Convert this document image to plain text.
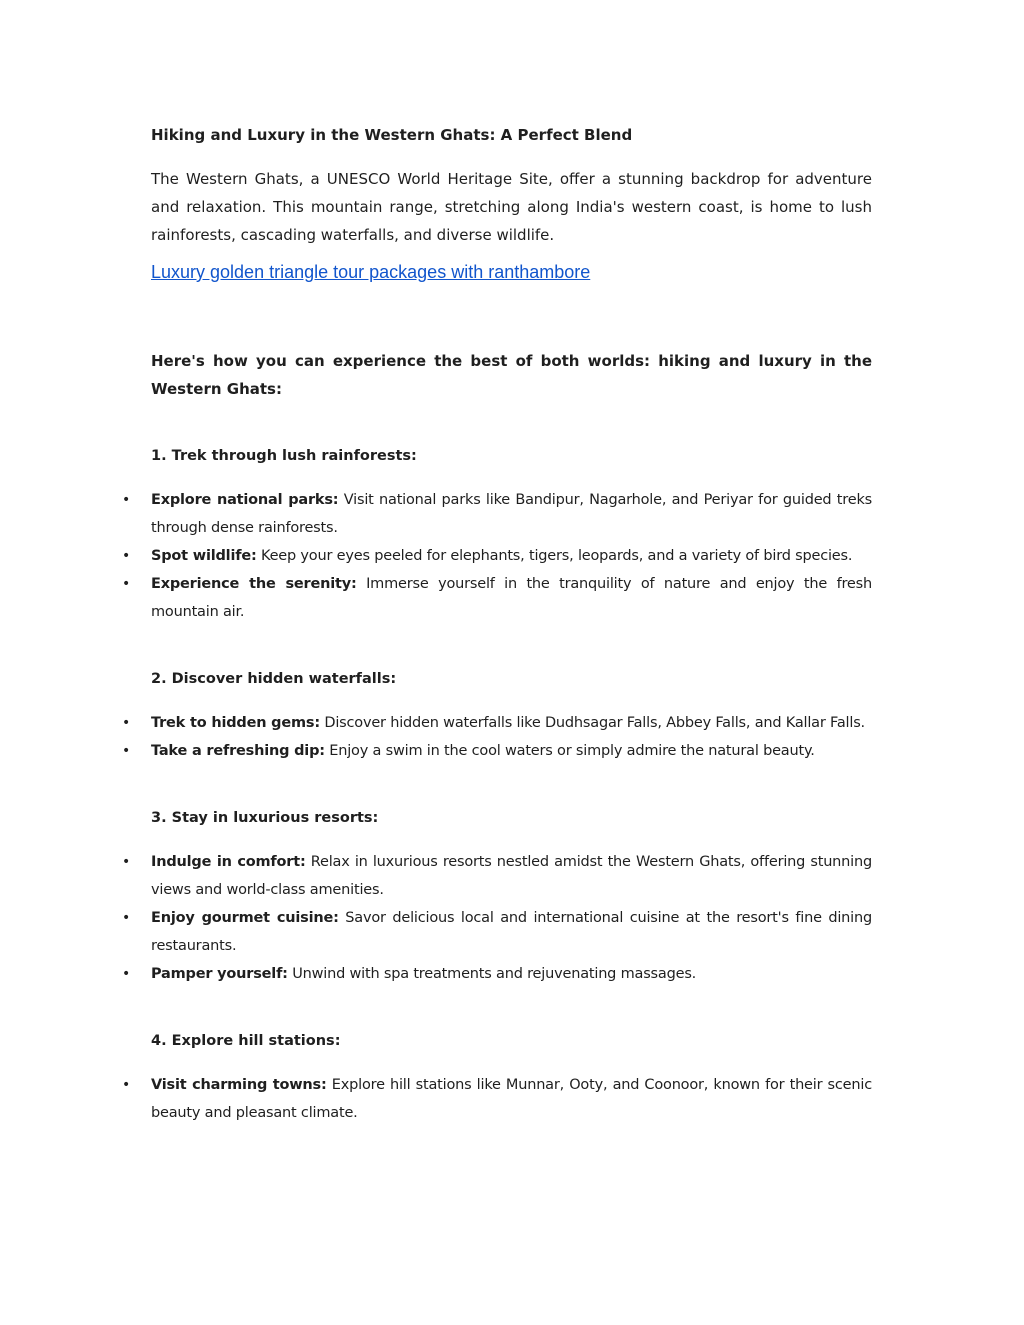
Hiking and Luxury in the Western Ghats: A Perfect Blend

The Western Ghats, a UNESCO World Heritage Site, offer a stunning backdrop for adventure and relaxation. This mountain range, stretching along India's western coast, is home to lush rainforests, cascading waterfalls, and diverse wildlife.

Luxury golden triangle tour packages with ranthambore

Here's how you can experience the best of both worlds: hiking and luxury in the Western Ghats:

1. Trek through lush rainforests:
• Explore national parks: Visit national parks like Bandipur, Nagarhole, and Periyar for guided treks through dense rainforests.
• Spot wildlife: Keep your eyes peeled for elephants, tigers, leopards, and a variety of bird species.
• Experience the serenity: Immerse yourself in the tranquility of nature and enjoy the fresh mountain air.
2. Discover hidden waterfalls:
• Trek to hidden gems: Discover hidden waterfalls like Dudhsagar Falls, Abbey Falls, and Kallar Falls.
• Take a refreshing dip: Enjoy a swim in the cool waters or simply admire the natural beauty.
3. Stay in luxurious resorts:
• Indulge in comfort: Relax in luxurious resorts nestled amidst the Western Ghats, offering stunning views and world-class amenities.
• Enjoy gourmet cuisine: Savor delicious local and international cuisine at the resort's fine dining restaurants.
• Pamper yourself: Unwind with spa treatments and rejuvenating massages.
4. Explore hill stations:
• Visit charming towns: Explore hill stations like Munnar, Ooty, and Coonoor, known for their scenic beauty and pleasant climate.
